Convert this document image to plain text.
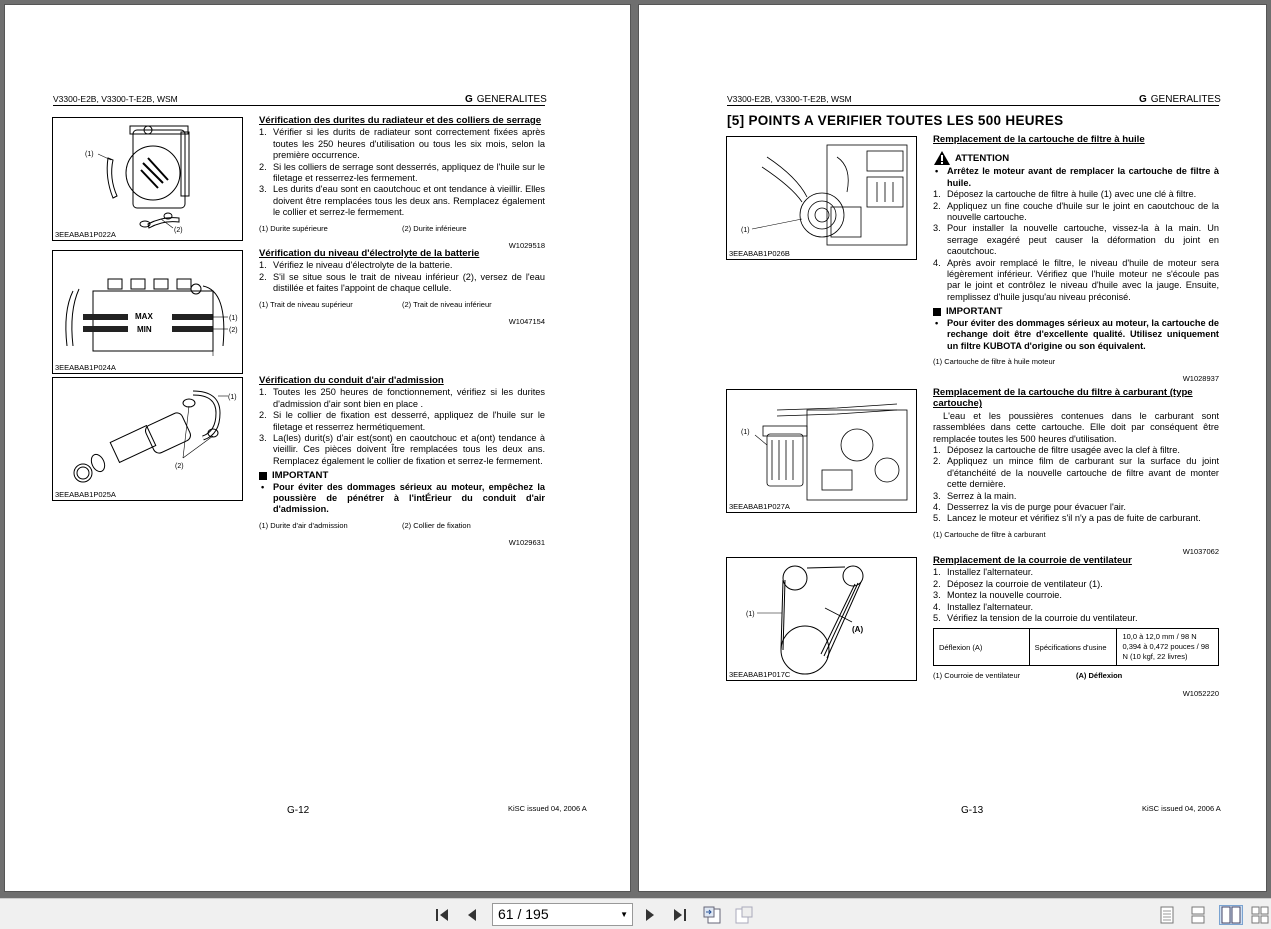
V3300-E2B, V3300-T-E2B, WSM	G GENERALITES
(1)
(2)
3EEABAB1P022A
Vérification des durites du radiateur et des colliers de serrage
1. Vérifier si les durits de radiateur sont correctement fixées après toutes les 250 heures d'utilisation ou tous les six mois, selon la première occurrence.
2. Si les colliers de serrage sont desserrés, appliquez de l'huile sur le filetage et resserrez-les fermement.
3. Les durits d'eau sont en caoutchouc et ont tendance à vieillir. Elles doivent être remplacées tous les deux ans. Remplacez également le collier et serrez-le fermement.
(1) Durite supérieure	(2) Durite inférieure
W1029518
MAX
MIN
(1)
(2)
3EEABAB1P024A
Vérification du niveau d'électrolyte de la batterie
1. Vérifiez le niveau d'électrolyte de la batterie.
2. S'il se situe sous le trait de niveau inférieur (2), versez de l'eau distillée et faites l'appoint de chaque cellule.
(1) Trait de niveau supérieur	(2) Trait de niveau inférieur
W1047154
(1)
(2)
3EEABAB1P025A
Vérification du conduit d'air d'admission
1. Toutes les 250 heures de fonctionnement, vérifiez si les durites d'admission d'air sont bien en place .
2. Si le collier de fixation est desserré, appliquez de l'huile sur le filetage et resserrez hermétiquement.
3. La(les) durit(s) d'air est(sont) en caoutchouc et a(ont) tendance à vieillir. Ces pièces doivent Ître remplacées tous les deux ans. Remplacez également le collier de fixation et serrez-le fermement.
IMPORTANT
• Pour éviter des dommages sérieux au moteur, empêchez la poussière de pénétrer à l'intÉrieur du conduit d'air d'admission.
(1) Durite d'air d'admission	(2) Collier de fixation
W1029631
G-12	KiSC issued 04, 2006 A
V3300-E2B, V3300-T-E2B, WSM	G GENERALITES
[5] POINTS A VERIFIER TOUTES LES 500 HEURES
(1)
3EEABAB1P026B
Remplacement de la cartouche de filtre à huile
ATTENTION
• Arrêtez le moteur avant de remplacer la cartouche de filtre à huile.
1. Déposez la cartouche de filtre à huile (1) avec une clé à filtre.
2. Appliquez un fine couche d'huile sur le joint en caoutchouc de la nouvelle cartouche.
3. Pour installer la nouvelle cartouche, vissez-la à la main. Un serrage exagéré peut causer la déformation du joint en caoutchouc.
4. Après avoir remplacé le filtre, le niveau d'huile de moteur sera légèrement inférieur. Vérifiez que l'huile moteur ne s'écoule pas par le joint et contrôlez le niveau d'huile avec la jauge. Ensuite, remplissez d'huile jusqu'au niveau préconisé.
IMPORTANT
• Pour éviter des dommages sérieux au moteur, la cartouche de rechange doit être d'excellente qualité. Utilisez uniquement un filtre KUBOTA d'origine ou son équivalent.
(1) Cartouche de filtre à huile moteur
W1028937
(1)
3EEABAB1P027A
Remplacement de la cartouche du filtre à carburant (type cartouche)
L'eau et les poussières contenues dans le carburant sont rassemblées dans cette cartouche. Elle doit par conséquent être remplacée toutes les 500 heures d'utilisation.
1. Déposez la cartouche de filtre usagée avec la clef à filtre.
2. Appliquez un mince film de carburant sur la surface du joint d'étanchéité de la nouvelle cartouche de filtre avant de monter cette dernière.
3. Serrez à la main.
4. Desserrez la vis de purge pour évacuer l'air.
5. Lancez le moteur et vérifiez s'il n'y a pas de fuite de carburant.
(1) Cartouche de filtre à carburant
W1037062
(1)
(A)
3EEABAB1P017C
Remplacement de la courroie de ventilateur
1. Installez l'alternateur.
2. Déposez la courroie de ventilateur (1).
3. Montez la nouvelle courroie.
4. Installez l'alternateur.
5. Vérifiez la tension de la courroie du ventilateur.
Déflexion (A)	Spécifications d'usine	10,0 à 12,0 mm / 98 N 0,394 à 0,472 pouces / 98 N (10 kgf, 22 livres)
(1) Courroie de ventilateur	(A) Déflexion
W1052220
G-13	KiSC issued 04, 2006 A
61 / 195	▼
